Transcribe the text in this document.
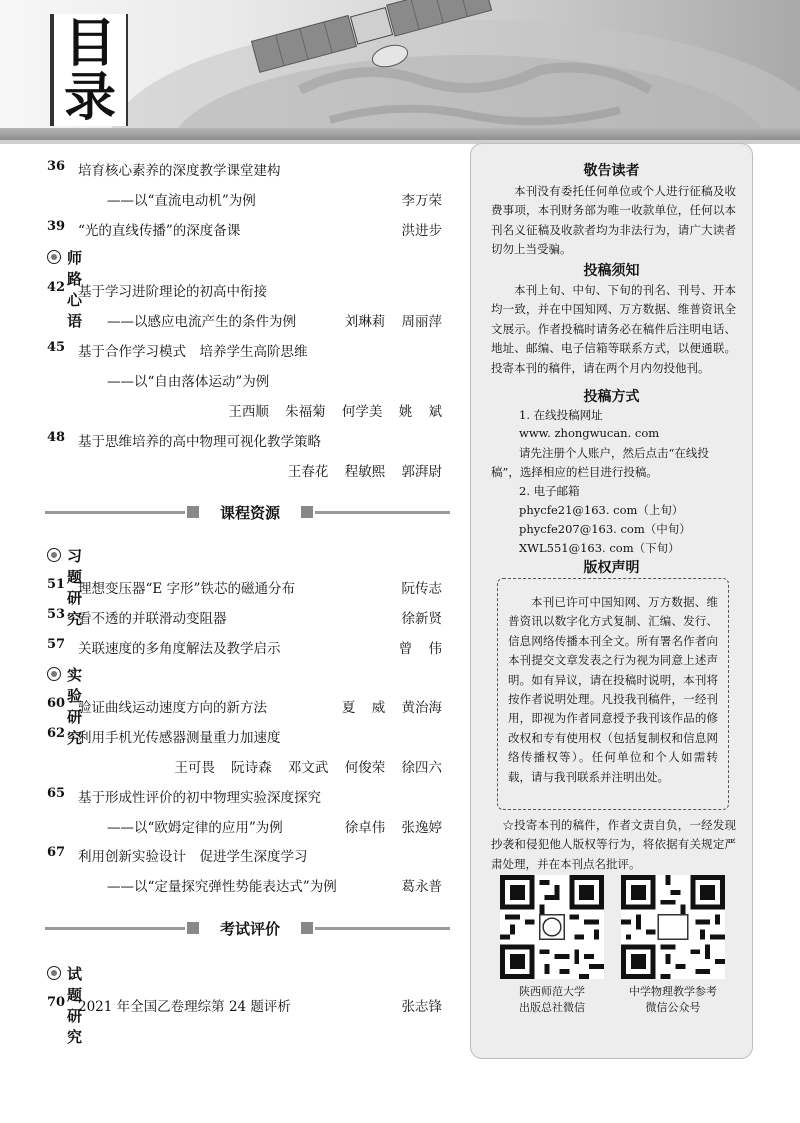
目
录
36 培育核心素养的深度教学课堂建构
——以“直流电动机”为例	李万荣
39 “光的直线传播”的深度备课	洪进步
师路心语
42 基于学习进阶理论的初高中衔接
——以感应电流产生的条件为例	刘琳莉 周丽萍
45 基于合作学习模式　培养学生高阶思维
——以“自由落体运动”为例
王西顺 朱福菊 何学美 姚 斌
48 基于思维培养的高中物理可视化教学策略
王春花 程敏熙 郭湃尉
课程资源
习题研究
51 理想变压器“E 字形”铁芯的磁通分布	阮传志
53 看不透的并联滑动变阻器	徐新贤
57 关联速度的多角度解法及教学启示	曾 伟
实验研究
60 验证曲线运动速度方向的新方法	夏 威 黄治海
62 利用手机光传感器测量重力加速度
王可畏 阮诗森 邓文武 何俊荣 徐四六
65 基于形成性评价的初中物理实验深度探究
——以“欧姆定律的应用”为例	徐卓伟 张逸婷
67 利用创新实验设计　促进学生深度学习
——以“定量探究弹性势能表达式”为例	葛永普
考试评价
试题研究
70 2021 年全国乙卷理综第 24 题评析	张志锋
敬告读者
本刊没有委托任何单位或个人进行征稿及收费事项，本刊财务部为唯一收款单位，任何以本刊名义征稿及收款者均为非法行为，请广大读者切勿上当受骗。
投稿须知
本刊上旬、中旬、下旬的刊名、刊号、开本均一致，并在中国知网、万方数据、维普资讯全文展示。作者投稿时请务必在稿件后注明电话、地址、邮编、电子信箱等联系方式，以便通联。投寄本刊的稿件，请在两个月内勿投他刊。
投稿方式
1. 在线投稿网址
www. zhongwucan. com
请先注册个人账户，然后点击“在线投
稿”，选择相应的栏目进行投稿。
2. 电子邮箱
phycfe21@163. com（上旬）
phycfe207@163. com（中旬）
XWL551@163. com（下旬）
版权声明
本刊已许可中国知网、万方数据、维普资讯以数字化方式复制、汇编、发行、信息网络传播本刊全文。所有署名作者向本刊提交文章发表之行为视为同意上述声明。如有异议，请在投稿时说明，本刊将按作者说明处理。凡投我刊稿件，一经刊用，即视为作者同意授予我刊该作品的修改权和专有使用权（包括复制权和信息网络传播权等）。任何单位和个人如需转载，请与我刊联系并注明出处。
☆投寄本刊的稿件，作者文责自负，一经发现抄袭和侵犯他人版权等行为，将依据有关规定严肃处理，并在本刊点名批评。
陕西师范大学
出版总社微信
中学物理教学参考
微信公众号
